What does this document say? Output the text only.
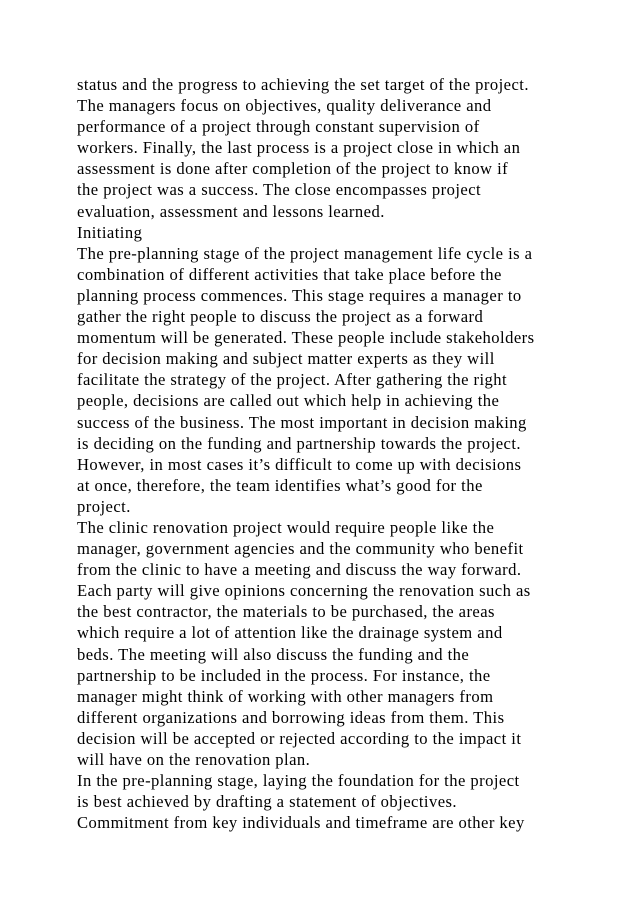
status and the progress to achieving the set target of the project.
The managers focus on objectives, quality deliverance and
performance of a project through constant supervision of
workers. Finally, the last process is a project close in which an
assessment is done after completion of the project to know if
the project was a success. The close encompasses project
evaluation, assessment and lessons learned.
Initiating
The pre-planning stage of the project management life cycle is a
combination of different activities that take place before the
planning process commences. This stage requires a manager to
gather the right people to discuss the project as a forward
momentum will be generated. These people include stakeholders
for decision making and subject matter experts as they will
facilitate the strategy of the project. After gathering the right
people, decisions are called out which help in achieving the
success of the business. The most important in decision making
is deciding on the funding and partnership towards the project.
However, in most cases it’s difficult to come up with decisions
at once, therefore, the team identifies what’s good for the
project.
The clinic renovation project would require people like the
manager, government agencies and the community who benefit
from the clinic to have a meeting and discuss the way forward.
Each party will give opinions concerning the renovation such as
the best contractor, the materials to be purchased, the areas
which require a lot of attention like the drainage system and
beds. The meeting will also discuss the funding and the
partnership to be included in the process. For instance, the
manager might think of working with other managers from
different organizations and borrowing ideas from them. This
decision will be accepted or rejected according to the impact it
will have on the renovation plan.
In the pre-planning stage, laying the foundation for the project
is best achieved by drafting a statement of objectives.
Commitment from key individuals and timeframe are other key
